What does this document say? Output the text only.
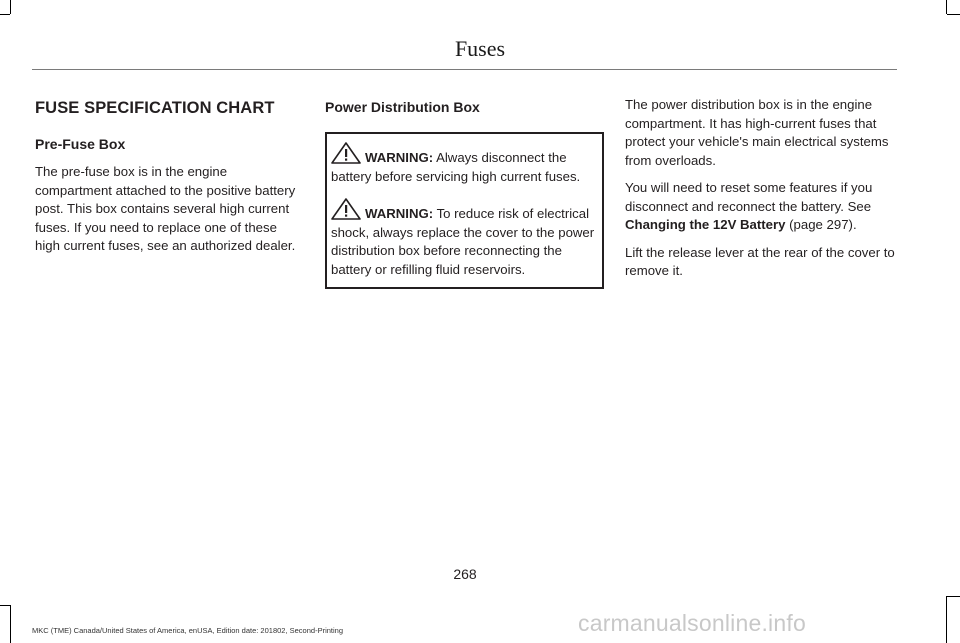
Fuses
FUSE SPECIFICATION CHART
Pre-Fuse Box

The pre-fuse box is in the engine compartment attached to the positive battery post. This box contains several high current fuses. If you need to replace one of these high current fuses, see an authorized dealer.

Power Distribution Box

WARNING: Always disconnect the battery before servicing high current fuses.

WARNING: To reduce risk of electrical shock, always replace the cover to the power distribution box before reconnecting the battery or refilling fluid reservoirs.

The power distribution box is in the engine compartment. It has high-current fuses that protect your vehicle's main electrical systems from overloads.

You will need to reset some features if you disconnect and reconnect the battery. See Changing the 12V Battery (page 297).

Lift the release lever at the rear of the cover to remove it.

268
MKC (TME) Canada/United States of America, enUSA, Edition date: 201802, Second-Printing	carmanualsonline.info
